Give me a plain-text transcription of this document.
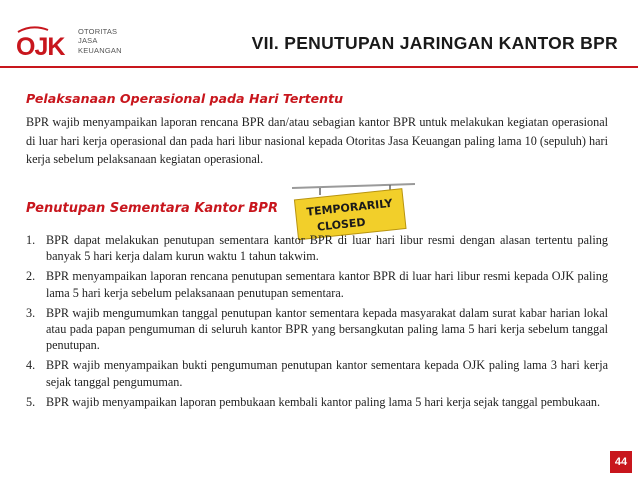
OJK
OTORITAS
JASA
KEUANGAN	VII. PENUTUPAN JARINGAN KANTOR BPR
Pelaksanaan Operasional pada Hari Tertentu

BPR wajib menyampaikan laporan rencana BPR dan/atau sebagian kantor BPR untuk melakukan kegiatan operasional di luar hari kerja operasional dan pada hari libur nasional kepada Otoritas Jasa Keuangan paling lama 10 (sepuluh) hari kerja sebelum pelaksanaan kegiatan operasional.

Penutupan Sementara Kantor BPR	TEMPORARILY
CLOSED
1. BPR dapat melakukan penutupan sementara kantor BPR di luar hari libur resmi dengan alasan tertentu paling banyak 5 hari kerja dalam kurun waktu 1 tahun takwim.
2. BPR menyampaikan laporan rencana penutupan sementara kantor BPR di luar hari libur resmi kepada OJK paling lama 5 hari kerja sebelum pelaksanaan penutupan sementara.
3. BPR wajib mengumumkan tanggal penutupan kantor sementara kepada masyarakat dalam surat kabar harian lokal atau pada papan pengumuman di seluruh kantor BPR yang bersangkutan paling lama 5 hari kerja sebelum tanggal penutupan.
4. BPR wajib menyampaikan bukti pengumuman penutupan kantor sementara kepada OJK paling lama 3 hari kerja sejak tanggal pengumuman.
5. BPR wajib menyampaikan laporan pembukaan kembali kantor paling lama 5 hari kerja sejak tanggal pembukaan.
44
